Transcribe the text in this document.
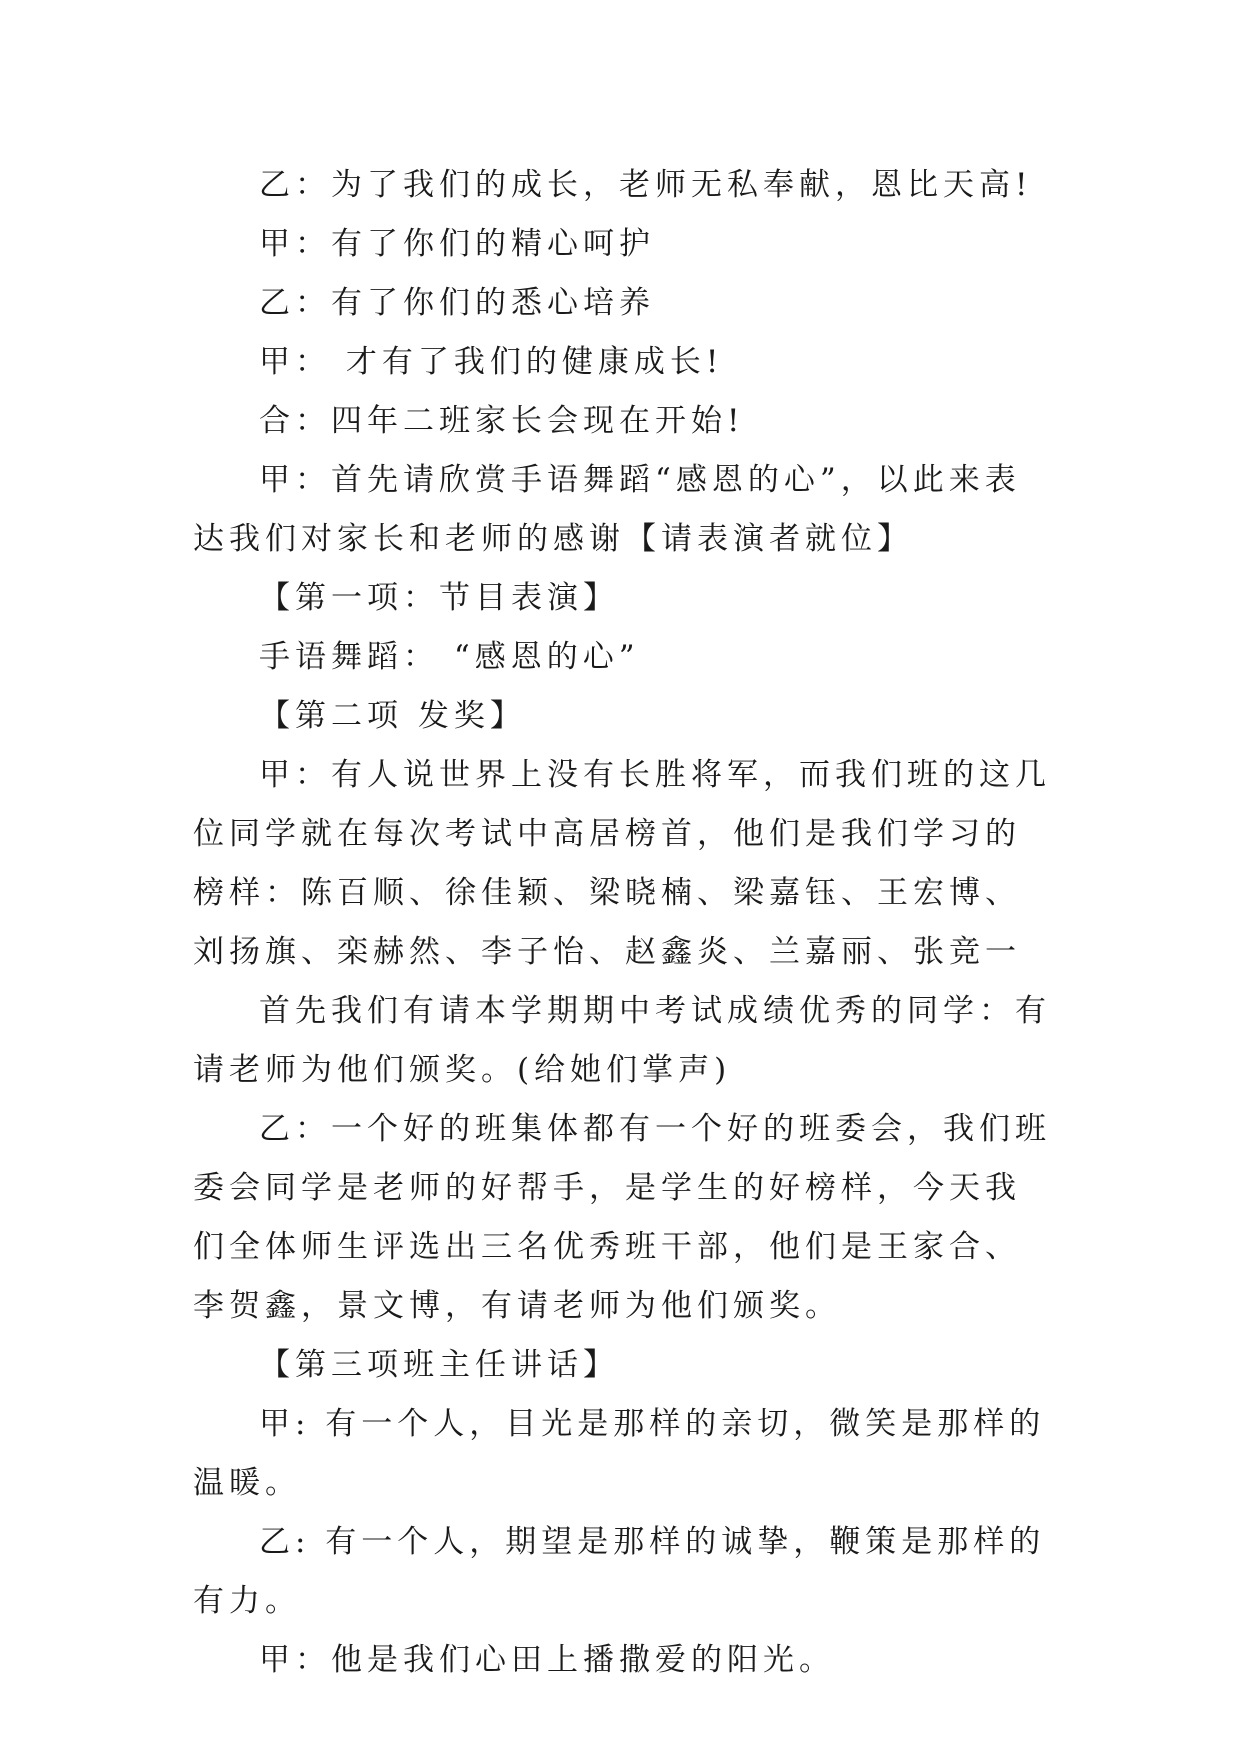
乙：为了我们的成长，老师无私奉献，恩比天高!

甲：有了你们的精心呵护

乙：有了你们的悉心培养

甲： 才有了我们的健康成长!

合：四年二班家长会现在开始!

甲：首先请欣赏手语舞蹈“感恩的心”，以此来表达我们对家长和老师的感谢【请表演者就位】

【第一项：节目表演】

手语舞蹈： “感恩的心”

【第二项 发奖】

甲：有人说世界上没有长胜将军，而我们班的这几位同学就在每次考试中高居榜首，他们是我们学习的榜样：陈百顺、徐佳颖、梁晓楠、梁嘉钰、王宏博、刘扬旗、栾赫然、李子怡、赵鑫炎、兰嘉丽、张竞一

首先我们有请本学期期中考试成绩优秀的同学：有请老师为他们颁奖。(给她们掌声)

乙：一个好的班集体都有一个好的班委会，我们班委会同学是老师的好帮手，是学生的好榜样，今天我们全体师生评选出三名优秀班干部，他们是王家合、李贺鑫，景文博，有请老师为他们颁奖。

【第三项班主任讲话】

甲: 有一个人，目光是那样的亲切，微笑是那样的温暖。

乙: 有一个人，期望是那样的诚挚，鞭策是那样的有力。

甲：他是我们心田上播撒爱的阳光。
